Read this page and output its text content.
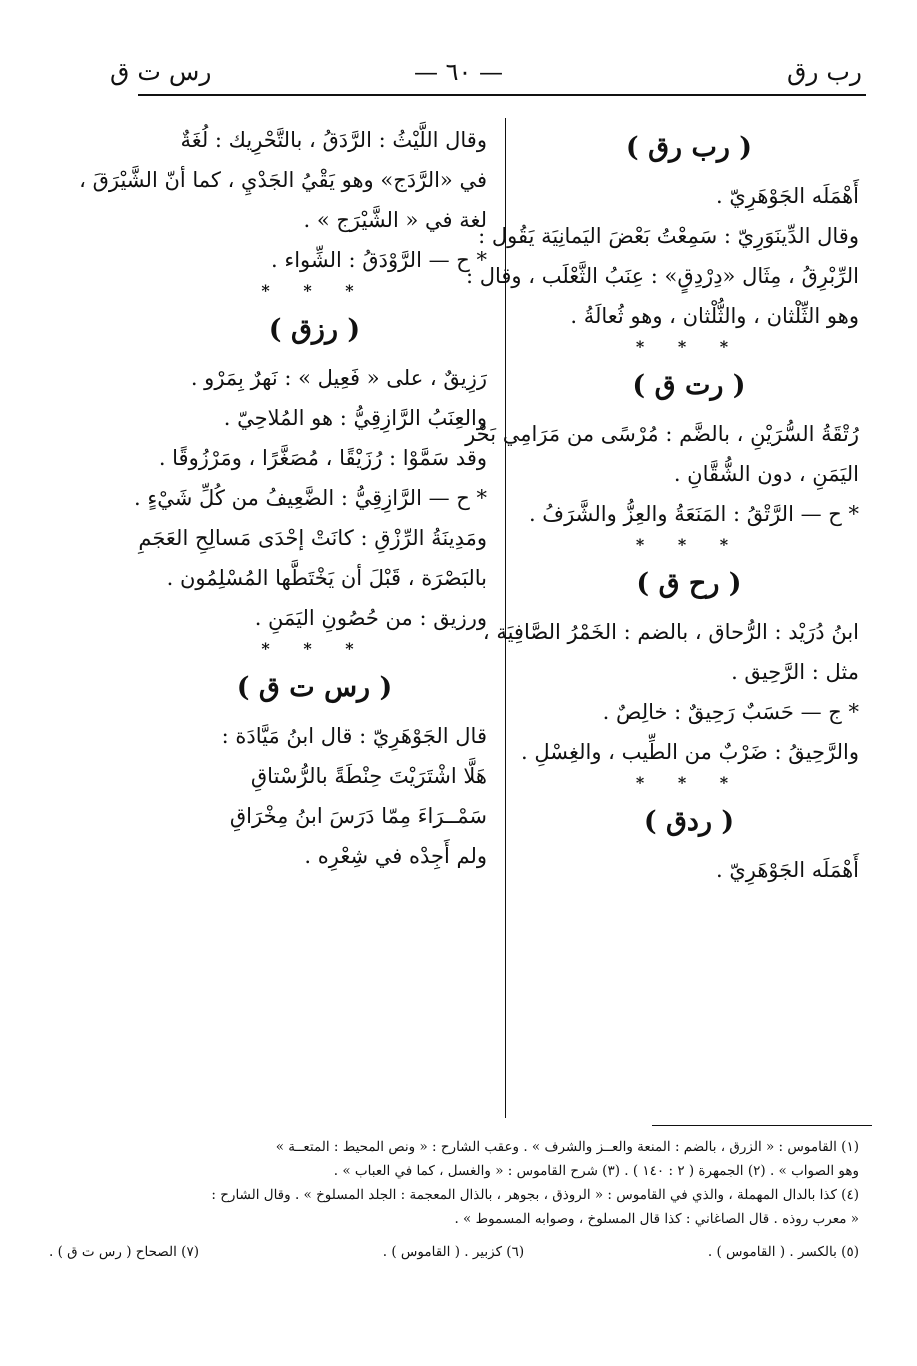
رب رق
— ٦٠ —
رس ت ق
( رب رق )
أَهْمَلَه الجَوْهَرِيّ .
وقال الدِّينَوَرِيّ : سَمِعْتُ بَعْضَ اليَمانِيَة يَقُول :
الرِّبْرِقُ ، مِثَال «دِرْدِقٍ» : عِنَبُ الثَّعْلَب ، وقال :
وهو الثِّلْثان ، والثُّلْثان ، وهو ثُعالَةُ .
* * *
( رت ق )
رُتْقَةُ السُّرَيْنِ ، بالضَّم : مُرْسًى من مَرَامِي بَحْر
اليَمَنِ ، دون الشُّقَّانِ .
* ح — الرَّتْقُ : المَنَعَةُ والعِزُّ والشَّرَفُ .
* * *
( رح ق )
ابنُ دُرَيْد : الرُّحاق ، بالضم : الخَمْرُ الصَّافِيَة ،
مثل : الرَّحِيق .
* ج — حَسَبٌ رَحِيقٌ : خالِصٌ .
والرَّحِيقُ : ضَرْبٌ من الطِّيب ، والغِسْلِ .
* * *
( ردق )
أَهْمَلَه الجَوْهَرِيّ .
وقال اللَّيْثُ : الرَّدَقُ ، بالتَّحْرِيك : لُغَةٌ
في «الرَّدَج» وهو يَقْيُ الجَدْيِ ، كما أنّ الشَّيْرَقَ ،
لغة في « الشَّيْرَج » .
* ح — الرَّوْدَقُ : الشِّواء .
* * *
( رزق )
رَزِيقٌ ، على « فَعِيل » : نَهرٌ بِمَرْو .
والعِنَبُ الرَّازِقِيُّ : هو المُلاحِيّ .
وقد سَمَّوْا : رُزَيْقًا ، مُصَغَّرًا ، ومَرْزُوقًا .
* ح — الرَّازِقِيُّ : الضَّعِيفُ من كُلِّ شَيْءٍ .
ومَدِينَةُ الرِّزْقِ : كانَتْ إحْدَى مَسالِحِ العَجَمِ
بالبَصْرَة ، قَبْلَ أن يَخْتَطَّها المُسْلِمُون .
ورزيق : من حُصُونِ اليَمَنِ .
* * *
( رس ت ق )
قال الجَوْهَرِيّ : قال ابنُ مَيَّادَة :
هَلَّا اشْتَرَيْتَ حِنْطَةً بالرُّسْتاقِ
سَمْــرَاءَ مِمّا دَرَسَ ابنُ مِخْرَاقِ
ولم أَجِدْه في شِعْرِه .
(١) القاموس : « الزرق ، بالضم : المنعة والعــز والشرف » . وعقب الشارح : « ونص المحيط : المتعــة »
وهو الصواب » . (٢) الجمهرة ( ٢ : ١٤٠ ) . (٣) شرح القاموس : « والغسل ، كما في العباب » .
(٤) كذا بالدال المهملة ، والذي في القاموس : « الروذق ، بجوهر ، بالذال المعجمة : الجلد المسلوخ » . وقال الشارح :
« معرب روذه . قال الصاغاني : كذا قال المسلوخ ، وصوابه المسموط » .
(٥) بالكسر . ( القاموس ) .
(٦) كزبير . ( القاموس ) .
(٧) الصحاح ( رس ت ق ) .
